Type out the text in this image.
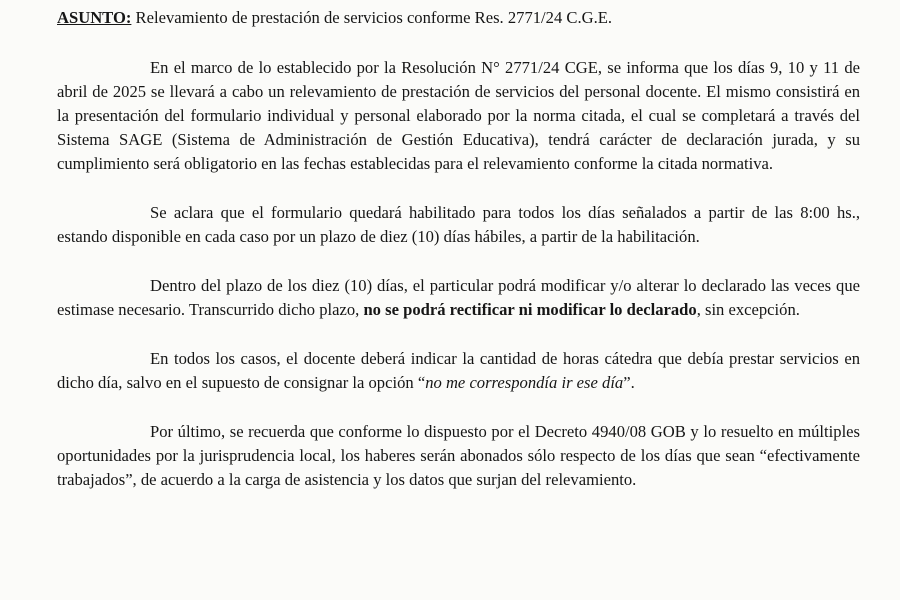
ASUNTO: Relevamiento de prestación de servicios conforme Res. 2771/24 C.G.E.

En el marco de lo establecido por la Resolución N° 2771/24 CGE, se informa que los días 9, 10 y 11 de abril de 2025 se llevará a cabo un relevamiento de prestación de servicios del personal docente. El mismo consistirá en la presentación del formulario individual y personal elaborado por la norma citada, el cual se completará a través del Sistema SAGE (Sistema de Administración de Gestión Educativa), tendrá carácter de declaración jurada, y su cumplimiento será obligatorio en las fechas establecidas para el relevamiento conforme la citada normativa.

Se aclara que el formulario quedará habilitado para todos los días señalados a partir de las 8:00 hs., estando disponible en cada caso por un plazo de diez (10) días hábiles, a partir de la habilitación.

Dentro del plazo de los diez (10) días, el particular podrá modificar y/o alterar lo declarado las veces que estimase necesario. Transcurrido dicho plazo, no se podrá rectificar ni modificar lo declarado, sin excepción.

En todos los casos, el docente deberá indicar la cantidad de horas cátedra que debía prestar servicios en dicho día, salvo en el supuesto de consignar la opción “no me correspondía ir ese día”.

Por último, se recuerda que conforme lo dispuesto por el Decreto 4940/08 GOB y lo resuelto en múltiples oportunidades por la jurisprudencia local, los haberes serán abonados sólo respecto de los días que sean “efectivamente trabajados”, de acuerdo a la carga de asistencia y los datos que surjan del relevamiento.
